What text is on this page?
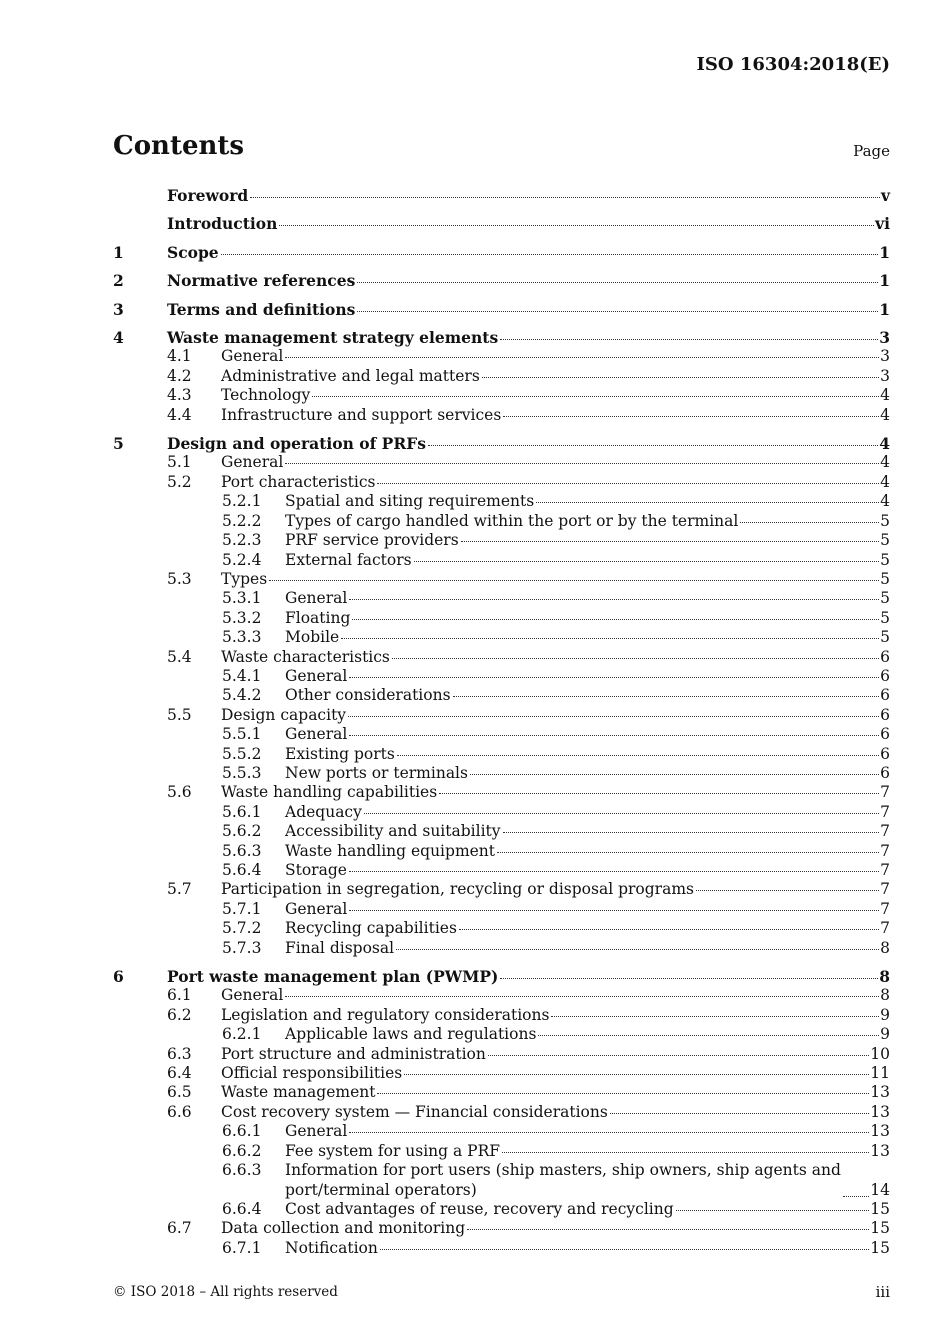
ISO 16304:2018(E)
Contents	Page
Foreword	v
Introduction	vi
1	Scope	1
2	Normative references	1
3	Terms and definitions	1
4	Waste management strategy elements	3
4.1	General	3
4.2	Administrative and legal matters	3
4.3	Technology	4
4.4	Infrastructure and support services	4
5	Design and operation of PRFs	4
5.1	General	4
5.2	Port characteristics	4
5.2.1	Spatial and siting requirements	4
5.2.2	Types of cargo handled within the port or by the terminal	5
5.2.3	PRF service providers	5
5.2.4	External factors	5
5.3	Types	5
5.3.1	General	5
5.3.2	Floating	5
5.3.3	Mobile	5
5.4	Waste characteristics	6
5.4.1	General	6
5.4.2	Other considerations	6
5.5	Design capacity	6
5.5.1	General	6
5.5.2	Existing ports	6
5.5.3	New ports or terminals	6
5.6	Waste handling capabilities	7
5.6.1	Adequacy	7
5.6.2	Accessibility and suitability	7
5.6.3	Waste handling equipment	7
5.6.4	Storage	7
5.7	Participation in segregation, recycling or disposal programs	7
5.7.1	General	7
5.7.2	Recycling capabilities	7
5.7.3	Final disposal	8
6	Port waste management plan (PWMP)	8
6.1	General	8
6.2	Legislation and regulatory considerations	9
6.2.1	Applicable laws and regulations	9
6.3	Port structure and administration	10
6.4	Official responsibilities	11
6.5	Waste management	13
6.6	Cost recovery system — Financial considerations	13
6.6.1	General	13
6.6.2	Fee system for using a PRF	13
6.6.3	Information for port users (ship masters, ship owners, ship agents and
port/terminal operators)	14
6.6.4	Cost advantages of reuse, recovery and recycling	15
6.7	Data collection and monitoring	15
6.7.1	Notification	15
© ISO 2018 – All rights reserved	iii
